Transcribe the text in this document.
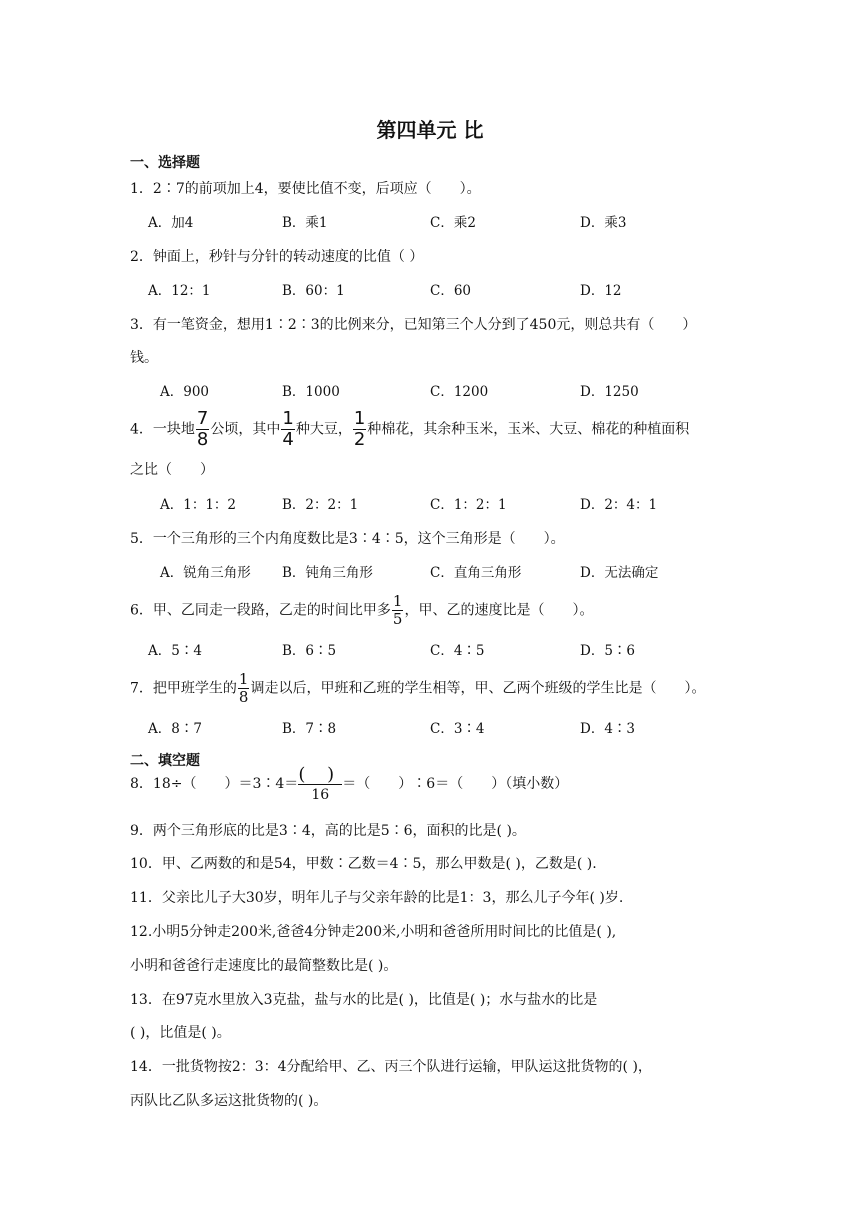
第四单元 比
一、选择题
1．2∶7的前项加上4，要使比值不变，后项应（　　）。
A．加4	B．乘1	C．乘2	D．乘3
2．钟面上，秒针与分针的转动速度的比值（ ）
A．12：1	B．60：1	C．60	D．12
3．有一笔资金，想用1∶2∶3的比例来分，已知第三个人分到了450元，则总共有（　　）
钱。
A．900	B．1000	C．1200	D．1250
4．一块地 $\frac{7}{8}$ 公顷，其中 $\frac{1}{4}$ 种大豆， $\frac{1}{2}$ 种棉花，其余种玉米，玉米、大豆、棉花的种植面积
之比（　　）
A．1：1：2	B．2：2：1	C．1：2：1	D．2：4：1
5．一个三角形的三个内角度数比是3∶4∶5，这个三角形是（　　）。
A．锐角三角形 B．钝角三角形	C．直角三角形	D．无法确定
6．甲、乙同走一段路，乙走的时间比甲多 $\frac{1}{5}$ ，甲、乙的速度比是（　　）。
A．5∶4	B．6∶5	C．4∶5	D．5∶6
7．把甲班学生的 $\frac{1}{8}$ 调走以后，甲班和乙班的学生相等，甲、乙两个班级的学生比是（　　）。
A．8∶7	B．7∶8	C．3∶4	D．4∶3
二、填空题
8．18÷（　　）＝3∶4＝ ( )
16
＝（　　）∶6＝（　　）（填小数）
9．两个三角形底的比是3∶4，高的比是5∶6，面积的比是( )。
10．甲、乙两数的和是54，甲数∶乙数＝4∶5，那么甲数是( )，乙数是( ).
11．父亲比儿子大30岁，明年儿子与父亲年龄的比是1：3，那么儿子今年( )岁.
12.小明5分钟走200米,爸爸4分钟走200米,小明和爸爸所用时间比的比值是( ),
小明和爸爸行走速度比的最简整数比是( )。
13．在97克水里放入3克盐，盐与水的比是( )，比值是( )；水与盐水的比是
( )，比值是( )。
14．一批货物按2：3：4分配给甲、乙、丙三个队进行运输，甲队运这批货物的( )，
丙队比乙队多运这批货物的( )。
